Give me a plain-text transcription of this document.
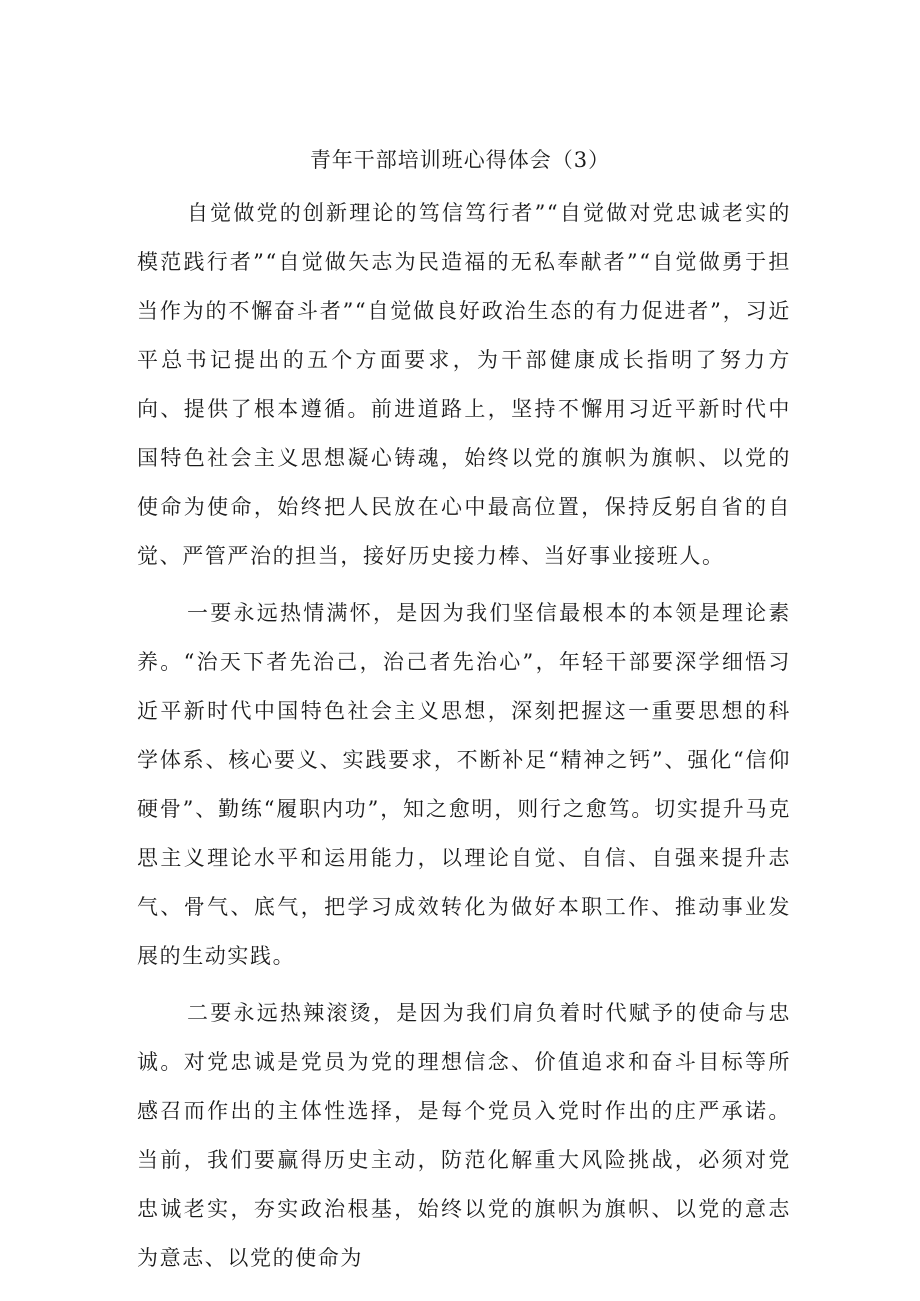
青年干部培训班心得体会（3）

自觉做党的创新理论的笃信笃行者”“自觉做对党忠诚老实的模范践行者”“自觉做矢志为民造福的无私奉献者”“自觉做勇于担当作为的不懈奋斗者”“自觉做良好政治生态的有力促进者”，习近平总书记提出的五个方面要求，为干部健康成长指明了努力方向、提供了根本遵循。前进道路上，坚持不懈用习近平新时代中国特色社会主义思想凝心铸魂，始终以党的旗帜为旗帜、以党的使命为使命，始终把人民放在心中最高位置，保持反躬自省的自觉、严管严治的担当，接好历史接力棒、当好事业接班人。

一要永远热情满怀，是因为我们坚信最根本的本领是理论素养。“治天下者先治己，治己者先治心”，年轻干部要深学细悟习近平新时代中国特色社会主义思想，深刻把握这一重要思想的科学体系、核心要义、实践要求，不断补足“精神之钙”、强化“信仰硬骨”、勤练“履职内功”，知之愈明，则行之愈笃。切实提升马克思主义理论水平和运用能力，以理论自觉、自信、自强来提升志气、骨气、底气，把学习成效转化为做好本职工作、推动事业发展的生动实践。

二要永远热辣滚烫，是因为我们肩负着时代赋予的使命与忠诚。对党忠诚是党员为党的理想信念、价值追求和奋斗目标等所感召而作出的主体性选择，是每个党员入党时作出的庄严承诺。当前，我们要赢得历史主动，防范化解重大风险挑战，必须对党忠诚老实，夯实政治根基，始终以党的旗帜为旗帜、以党的意志为意志、以党的使命为
